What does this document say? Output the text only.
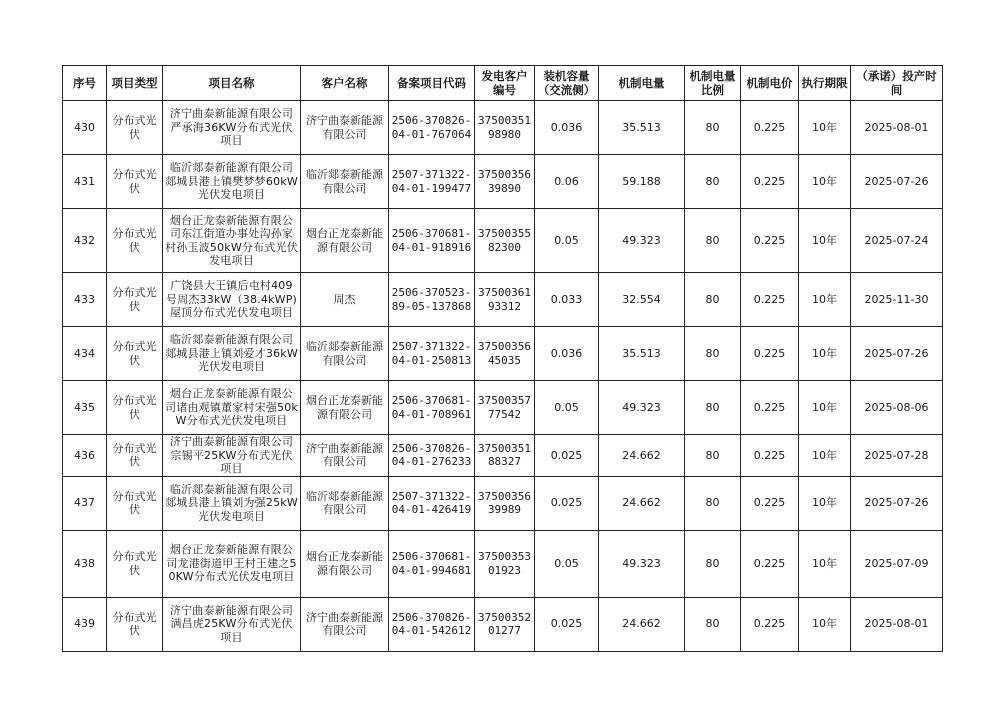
序号	项目类型	项目名称	客户名称	备案项目代码	发电客户编号	装机容量（交流侧）	机制电量	机制电量比例	机制电价	执行期限	（承诺）投产时间
430	分布式光伏	济宁曲泰新能源有限公司严承海36KW分布式光伏项目	济宁曲泰新能源有限公司	2506-370826-04-01-767064	3750035198980	0.036	35.513	80	0.225	10年	2025-08-01
431	分布式光伏	临沂郯泰新能源有限公司郯城县港上镇樊梦梦60kW光伏发电项目	临沂郯泰新能源有限公司	2507-371322-04-01-199477	3750035639890	0.06	59.188	80	0.225	10年	2025-07-26
432	分布式光伏	烟台正龙泰新能源有限公司东江街道办事处沟孙家村孙玉波50kW分布式光伏发电项目	烟台正龙泰新能源有限公司	2506-370681-04-01-918916	3750035582300	0.05	49.323	80	0.225	10年	2025-07-24
433	分布式光伏	广饶县大王镇后屯村409号周杰33kW（38.4kWP)屋顶分布式光伏发电项目	周杰	2506-370523-89-05-137868	3750036193312	0.033	32.554	80	0.225	10年	2025-11-30
434	分布式光伏	临沂郯泰新能源有限公司郯城县港上镇刘爱才36kW光伏发电项目	临沂郯泰新能源有限公司	2507-371322-04-01-250813	3750035645035	0.036	35.513	80	0.225	10年	2025-07-26
435	分布式光伏	烟台正龙泰新能源有限公司诸由观镇董家村宋强50kW分布式光伏发电项目	烟台正龙泰新能源有限公司	2506-370681-04-01-708961	3750035777542	0.05	49.323	80	0.225	10年	2025-08-06
436	分布式光伏	济宁曲泰新能源有限公司宗锡平25KW分布式光伏项目	济宁曲泰新能源有限公司	2506-370826-04-01-276233	3750035188327	0.025	24.662	80	0.225	10年	2025-07-28
437	分布式光伏	临沂郯泰新能源有限公司郯城县港上镇刘为强25kW光伏发电项目	临沂郯泰新能源有限公司	2507-371322-04-01-426419	3750035639989	0.025	24.662	80	0.225	10年	2025-07-26
438	分布式光伏	烟台正龙泰新能源有限公司龙港街道甲王村王建之50KW分布式光伏发电项目	烟台正龙泰新能源有限公司	2506-370681-04-01-994681	3750035301923	0.05	49.323	80	0.225	10年	2025-07-09
439	分布式光伏	济宁曲泰新能源有限公司满昌虎25KW分布式光伏项目	济宁曲泰新能源有限公司	2506-370826-04-01-542612	3750035201277	0.025	24.662	80	0.225	10年	2025-08-01
